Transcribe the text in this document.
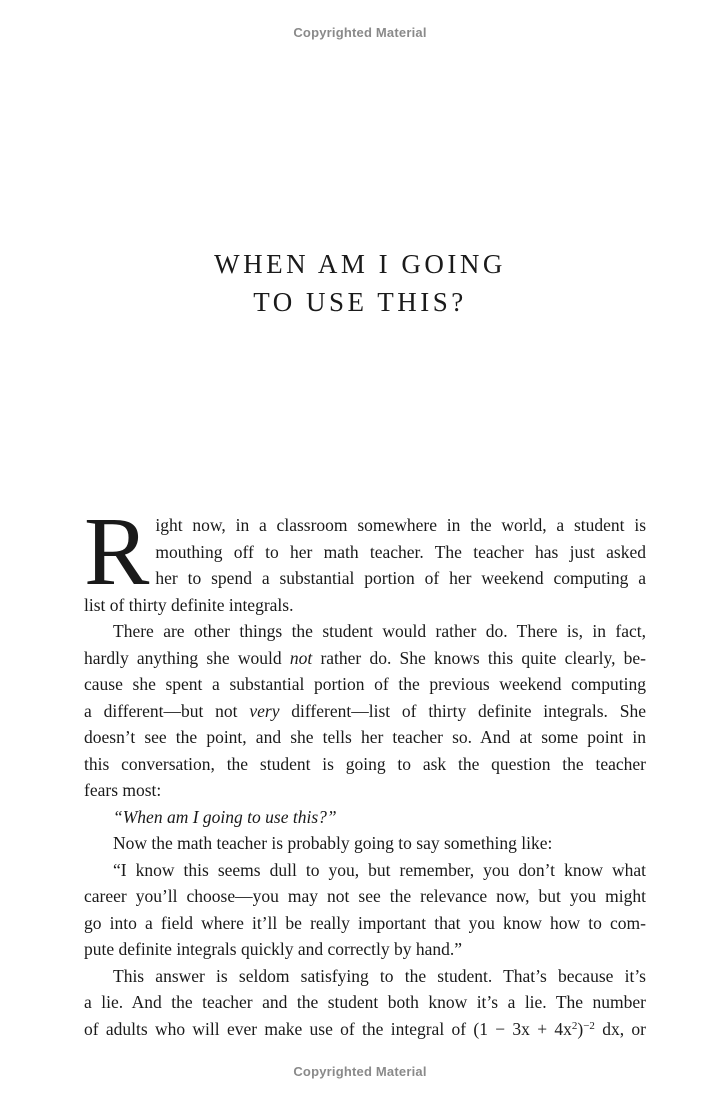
Copyrighted Material
WHEN AM I GOING
TO USE THIS?

R ight now, in a classroom somewhere in the world, a student is
mouthing off to her math teacher. The teacher has just asked
her to spend a substantial portion of her weekend computing a
list of thirty definite integrals.

There are other things the student would rather do. There is, in fact,
hardly anything she would not rather do. She knows this quite clearly, be-
cause she spent a substantial portion of the previous weekend computing
a different—but not very different—list of thirty definite integrals. She
doesn’t see the point, and she tells her teacher so. And at some point in
this conversation, the student is going to ask the question the teacher
fears most:

“When am I going to use this?”

Now the math teacher is probably going to say something like:

“I know this seems dull to you, but remember, you don’t know what
career you’ll choose—you may not see the relevance now, but you might
go into a field where it’ll be really important that you know how to com-
pute definite integrals quickly and correctly by hand.”

This answer is seldom satisfying to the student. That’s because it’s
a lie. And the teacher and the student both know it’s a lie. The number
of adults who will ever make use of the integral of $(1 - 3x + 4x^2)^{-2}$ dx, or

Copyrighted Material
